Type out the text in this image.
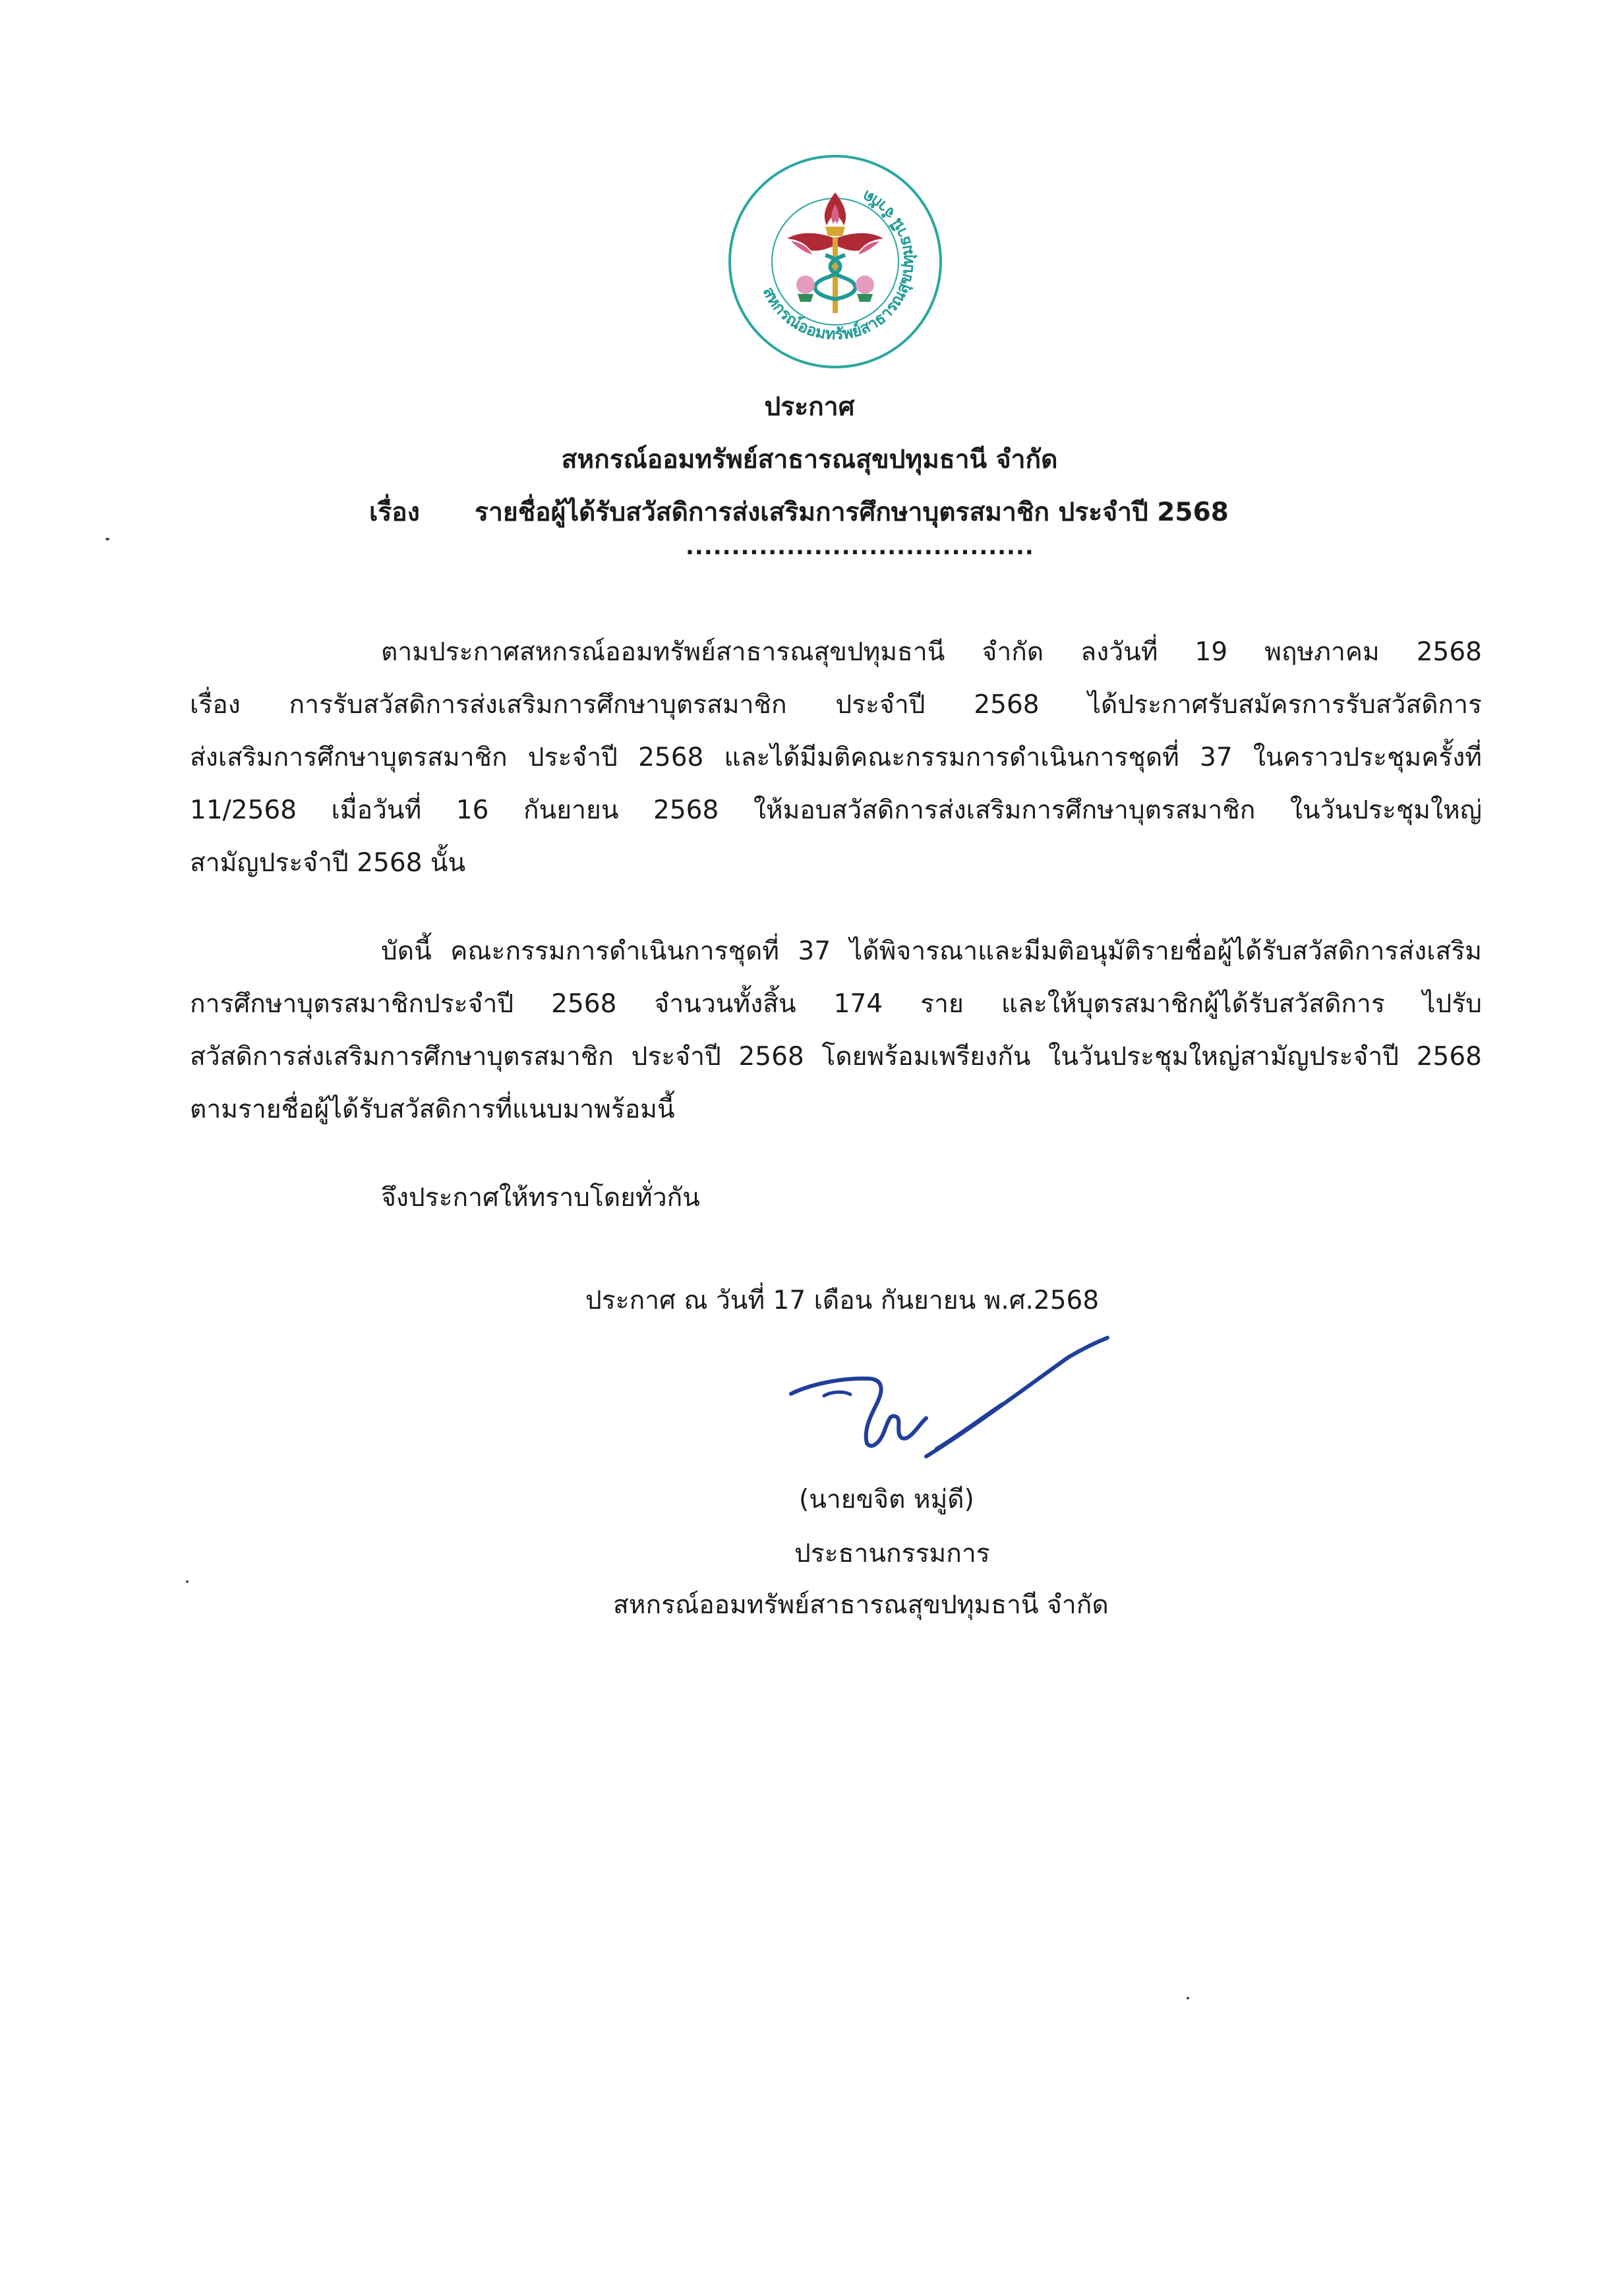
สหกรณ์ออมทรัพย์สาธารณสุขปทุมธานี จำกัด
ประกาศ
สหกรณ์ออมทรัพย์สาธารณสุขปทุมธานี จำกัด
เรื่อง รายชื่อผู้ได้รับสวัสดิการส่งเสริมการศึกษาบุตรสมาชิก ประจำปี 2568
......................................
ตามประกาศสหกรณ์ออมทรัพย์สาธารณสุขปทุมธานี จำกัด ลงวันที่ 19 พฤษภาคม 2568
เรื่อง การรับสวัสดิการส่งเสริมการศึกษาบุตรสมาชิก ประจำปี 2568 ได้ประกาศรับสมัครการรับสวัสดิการ
ส่งเสริมการศึกษาบุตรสมาชิก ประจำปี 2568 และได้มีมติคณะกรรมการดำเนินการชุดที่ 37 ในคราวประชุมครั้งที่
11/2568 เมื่อวันที่ 16 กันยายน 2568 ให้มอบสวัสดิการส่งเสริมการศึกษาบุตรสมาชิก ในวันประชุมใหญ่
สามัญประจำปี 2568 นั้น
บัดนี้ คณะกรรมการดำเนินการชุดที่ 37 ได้พิจารณาและมีมติอนุมัติรายชื่อผู้ได้รับสวัสดิการส่งเสริม
การศึกษาบุตรสมาชิกประจำปี 2568 จำนวนทั้งสิ้น 174 ราย และให้บุตรสมาชิกผู้ได้รับสวัสดิการ ไปรับ
สวัสดิการส่งเสริมการศึกษาบุตรสมาชิก ประจำปี 2568 โดยพร้อมเพรียงกัน ในวันประชุมใหญ่สามัญประจำปี 2568
ตามรายชื่อผู้ได้รับสวัสดิการที่แนบมาพร้อมนี้
จึงประกาศให้ทราบโดยทั่วกัน
ประกาศ ณ วันที่ 17 เดือน กันยายน พ.ศ.2568
(นายขจิต หมู่ดี)
ประธานกรรมการ
สหกรณ์ออมทรัพย์สาธารณสุขปทุมธานี จำกัด
